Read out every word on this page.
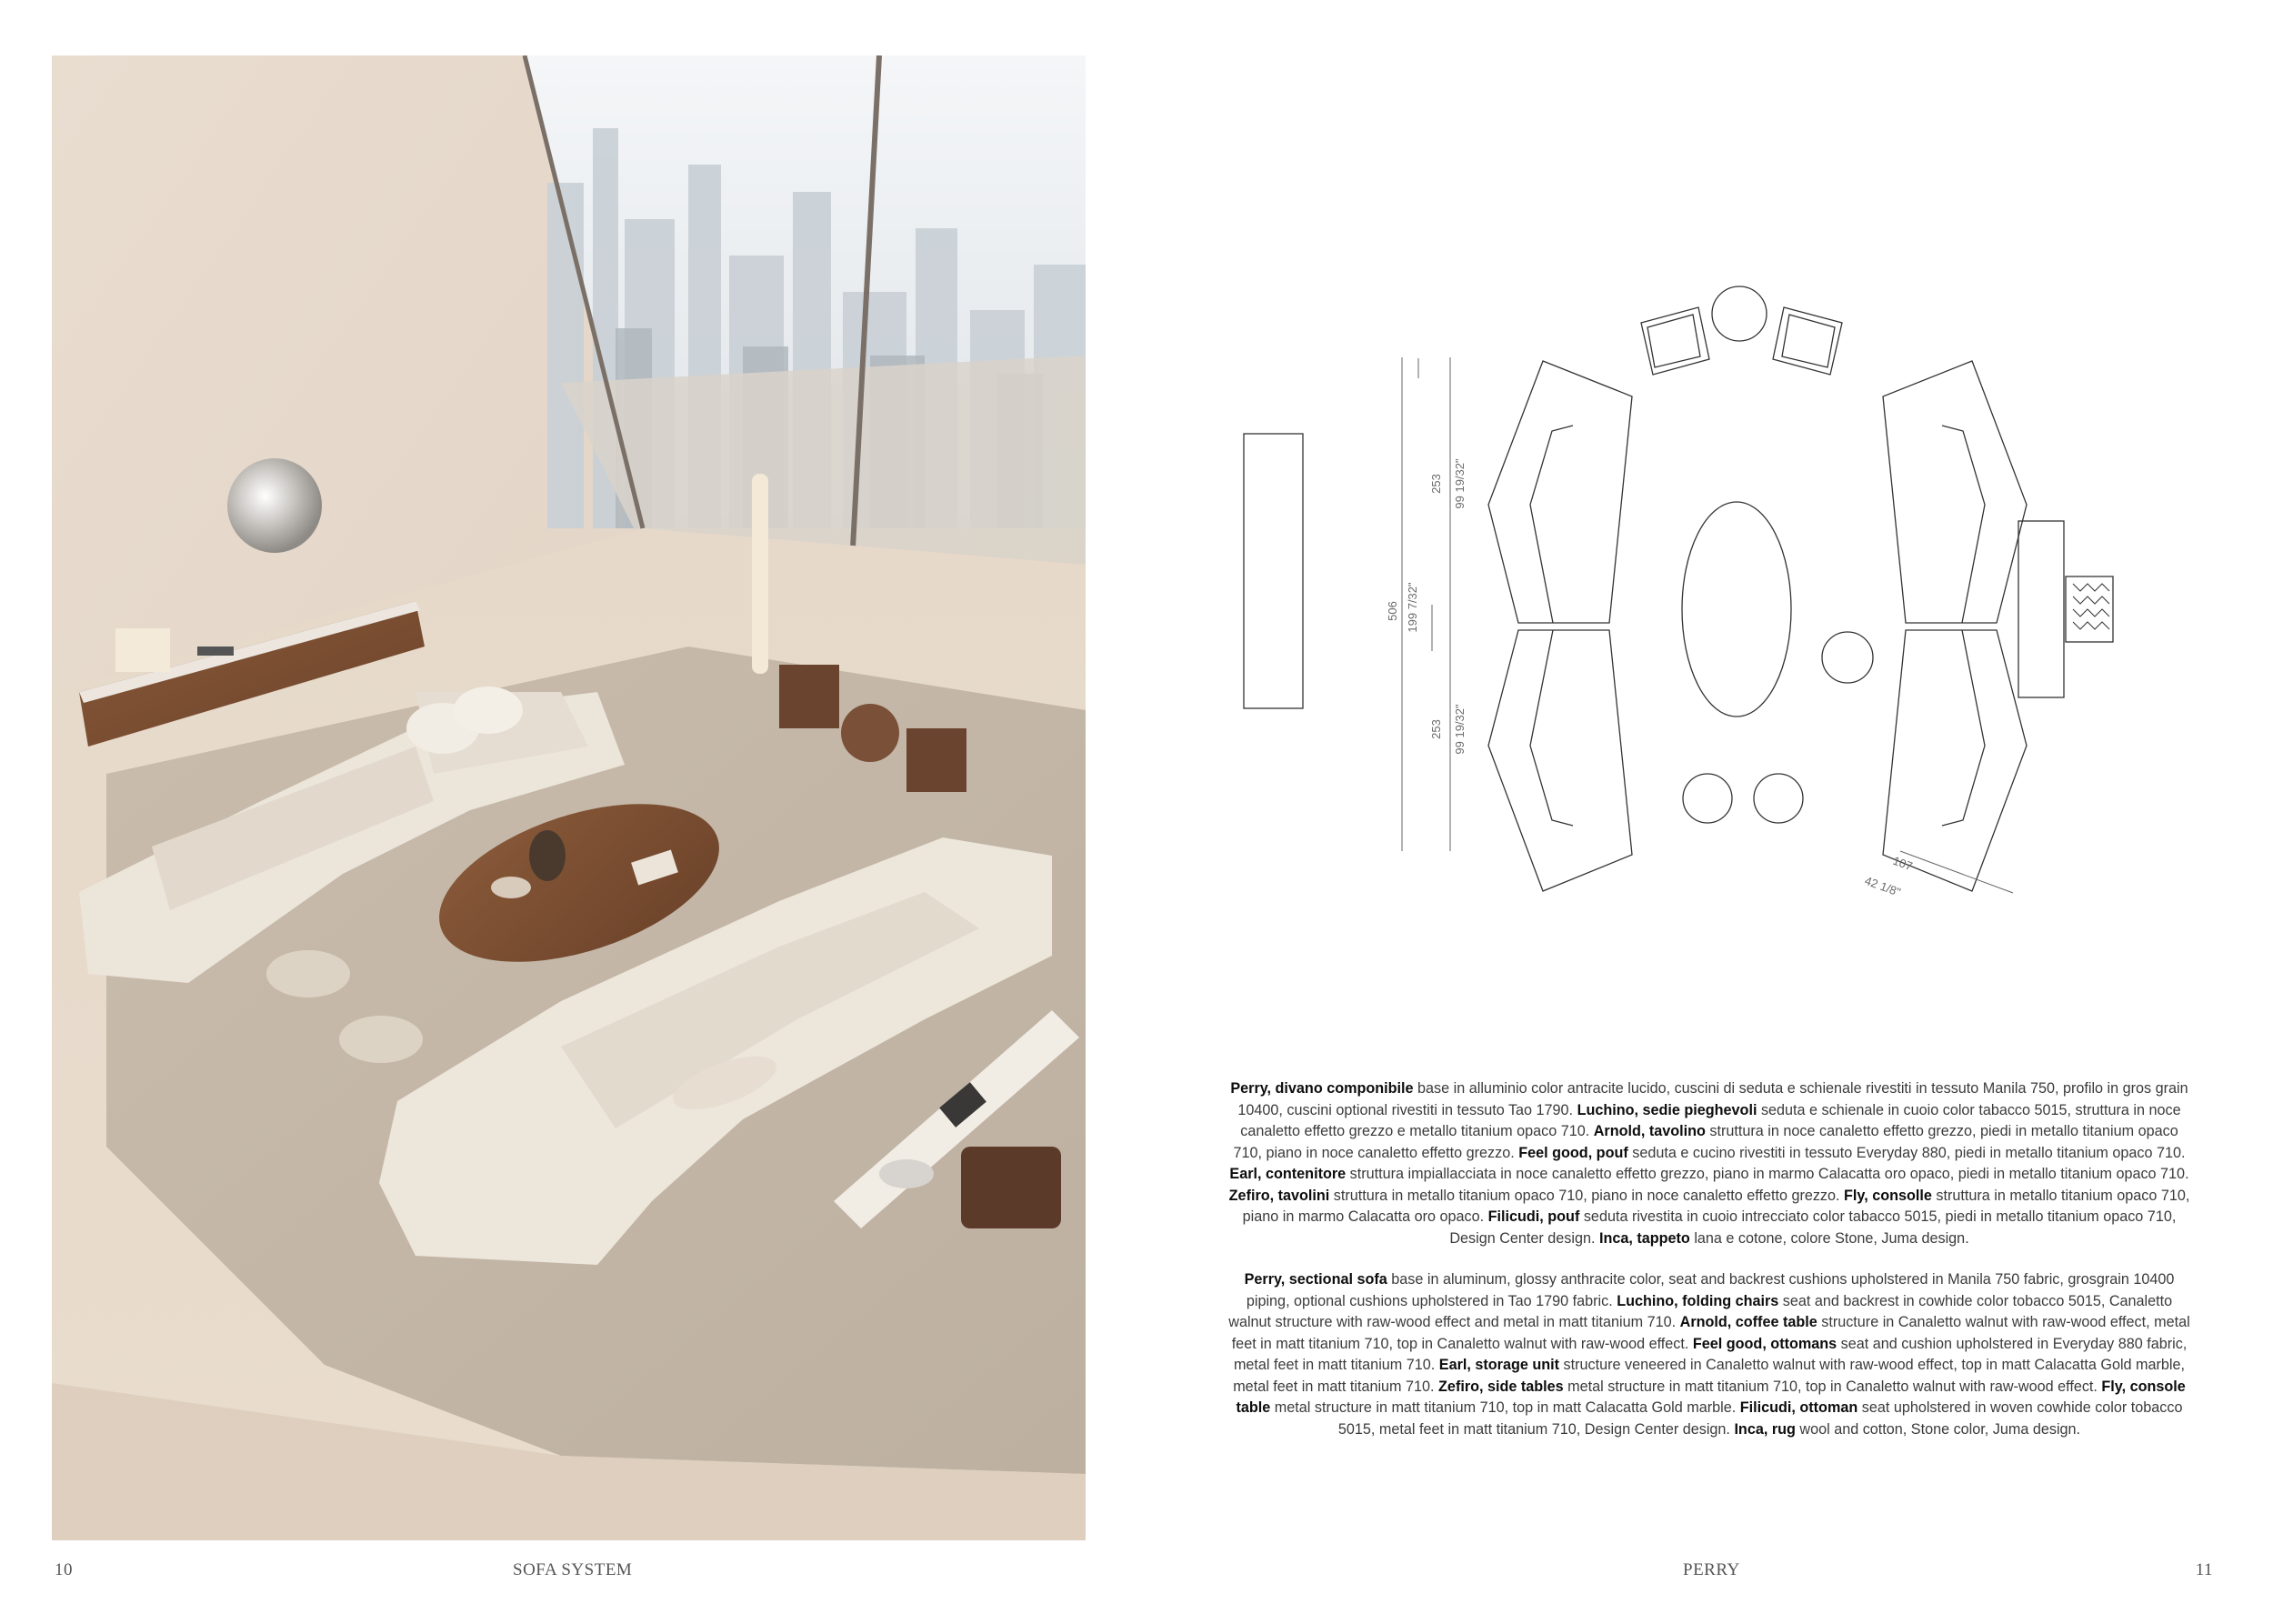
506 199 7/32"
253 99 19/32"
253 99 19/32"
107
42 1/8"

Perry, divano componibile base in alluminio color antracite lucido, cuscini di seduta e schienale rivestiti in tessuto Manila 750, profilo in gros grain 10400, cuscini optional rivestiti in tessuto Tao 1790. Luchino, sedie pieghevoli seduta e schienale in cuoio color tabacco 5015, struttura in noce canaletto effetto grezzo e metallo titanium opaco 710. Arnold, tavolino struttura in noce canaletto effetto grezzo, piedi in metallo titanium opaco 710, piano in noce canaletto effetto grezzo. Feel good, pouf seduta e cucino rivestiti in tessuto Everyday 880, piedi in metallo titanium opaco 710. Earl, contenitore struttura impiallacciata in noce canaletto effetto grezzo, piano in marmo Calacatta oro opaco, piedi in metallo titanium opaco 710. Zefiro, tavolini struttura in metallo titanium opaco 710, piano in noce canaletto effetto grezzo. Fly, consolle struttura in metallo titanium opaco 710, piano in marmo Calacatta oro opaco. Filicudi, pouf seduta rivestita in cuoio intrecciato color tabacco 5015, piedi in metallo titanium opaco 710, Design Center design. Inca, tappeto lana e cotone, colore Stone, Juma design.

Perry, sectional sofa base in aluminum, glossy anthracite color, seat and backrest cushions upholstered in Manila 750 fabric, grosgrain 10400 piping, optional cushions upholstered in Tao 1790 fabric. Luchino, folding chairs seat and backrest in cowhide color tobacco 5015, Canaletto walnut structure with raw-wood effect and metal in matt titanium 710. Arnold, coffee table structure in Canaletto walnut with raw-wood effect, metal feet in matt titanium 710, top in Canaletto walnut with raw-wood effect. Feel good, ottomans seat and cushion upholstered in Everyday 880 fabric, metal feet in matt titanium 710. Earl, storage unit structure veneered in Canaletto walnut with raw-wood effect, top in matt Calacatta Gold marble, metal feet in matt titanium 710. Zefiro, side tables metal structure in matt titanium 710, top in Canaletto walnut with raw-wood effect. Fly, console table metal structure in matt titanium 710, top in matt Calacatta Gold marble. Filicudi, ottoman seat upholstered in woven cowhide color tobacco 5015, metal feet in matt titanium 710, Design Center design. Inca, rug wool and cotton, Stone color, Juma design.

10	SOFA SYSTEM	PERRY	11
